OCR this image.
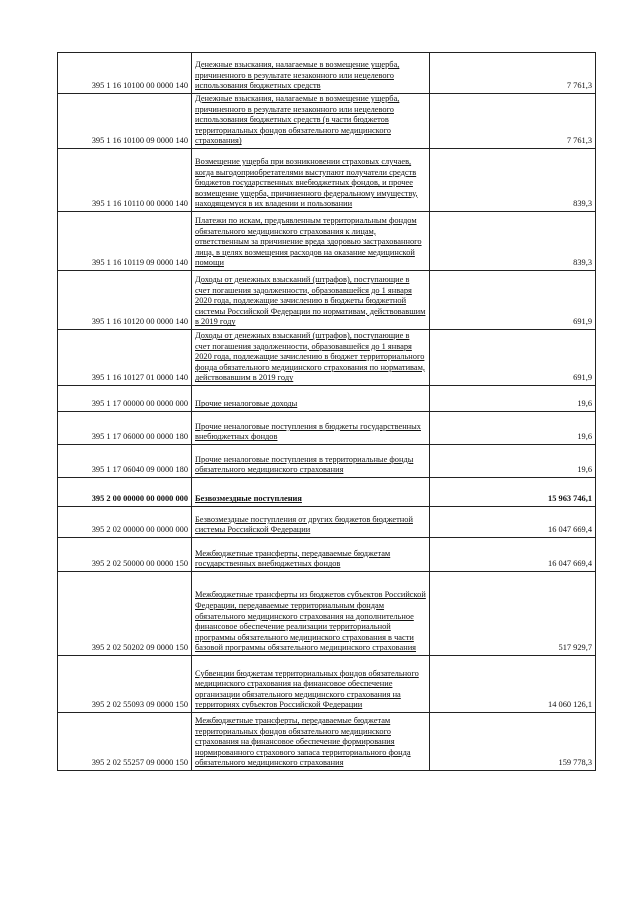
395 1 16 10100 00 0000 140	Денежные взыскания, налагаемые в возмещение ущерба, причиненного в результате незаконного или нецелевого использования бюджетных средств	7 761,3
395 1 16 10100 09 0000 140	Денежные взыскания, налагаемые в возмещение ущерба, причиненного в результате незаконного или нецелевого использования бюджетных средств (в части бюджетов территориальных фондов обязательного медицинского страхования)	7 761,3
395 1 16 10110 00 0000 140	Возмещение ущерба при возникновении страховых случаев, когда выгодоприобретателями выступают получатели средств бюджетов государственных внебюджетных фондов, и прочее возмещение ущерба, причиненного федеральному имуществу, находящемуся в их владении и пользовании	839,3
395 1 16 10119 09 0000 140	Платежи по искам, предъявленным территориальным фондом обязательного медицинского страхования к лицам, ответственным за причинение вреда здоровью застрахованного лица, в целях возмещения расходов на оказание медицинской помощи	839,3
395 1 16 10120 00 0000 140	Доходы от денежных взысканий (штрафов), поступающие в счет погашения задолженности, образовавшейся до 1 января 2020 года, подлежащие зачислению в бюджеты бюджетной системы Российской Федерации по нормативам, действовавшим в 2019 году	691,9
395 1 16 10127 01 0000 140	Доходы от денежных взысканий (штрафов), поступающие в счет погашения задолженности, образовавшейся до 1 января 2020 года, подлежащие зачислению в бюджет территориального фонда обязательного медицинского страхования по нормативам, действовавшим в 2019 году	691,9
395 1 17 00000 00 0000 000	Прочие неналоговые доходы	19,6
395 1 17 06000 00 0000 180	Прочие неналоговые поступления в бюджеты государственных внебюджетных фондов	19,6
395 1 17 06040 09 0000 180	Прочие неналоговые поступления в территориальные фонды обязательного медицинского страхования	19,6
395 2 00 00000 00 0000 000	Безвозмездные поступления	15 963 746,1
395 2 02 00000 00 0000 000	Безвозмездные поступления от других бюджетов бюджетной системы Российской Федерации	16 047 669,4
395 2 02 50000 00 0000 150	Межбюджетные трансферты, передаваемые бюджетам государственных внебюджетных фондов	16 047 669,4
395 2 02 50202 09 0000 150	Межбюджетные трансферты из бюджетов субъектов Российской Федерации, передаваемые территориальным фондам обязательного медицинского страхования на дополнительное финансовое обеспечение реализации территориальной программы обязательного медицинского страхования в части базовой программы обязательного медицинского страхования	517 929,7
395 2 02 55093 09 0000 150	Субвенции бюджетам территориальных фондов обязательного медицинского страхования на финансовое обеспечение организации обязательного медицинского страхования на территориях субъектов Российской Федерации	14 060 126,1
395 2 02 55257 09 0000 150	Межбюджетные трансферты, передаваемые бюджетам территориальных фондов обязательного медицинского страхования на финансовое обеспечение формирования нормированного страхового запаса территориального фонда обязательного медицинского страхования	159 778,3
